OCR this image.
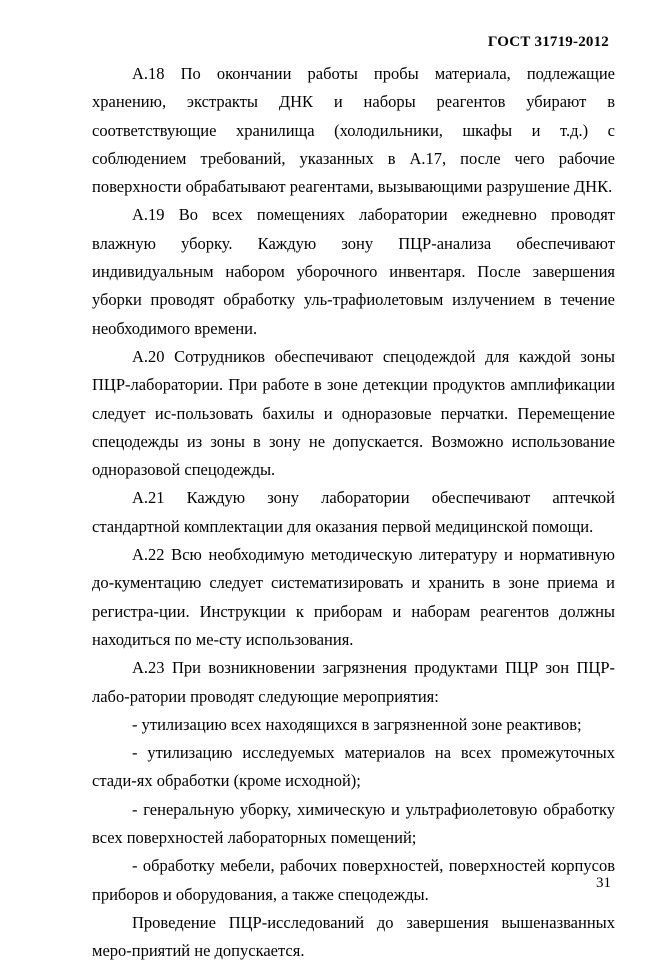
ГОСТ 31719-2012

А.18 По окончании работы пробы материала, подлежащие хранению, экстракты ДНК и наборы реагентов убирают в соответствующие хранилища (холодильники, шкафы и т.д.) с соблюдением требований, указанных в А.17, после чего рабочие поверхности обрабатывают реагентами, вызывающими разрушение ДНК.

А.19 Во всех помещениях лаборатории ежедневно проводят влажную уборку. Каждую зону ПЦР-анализа обеспечивают индивидуальным набором уборочного инвентаря. После завершения уборки проводят обработку уль-трафиолетовым излучением в течение необходимого времени.

А.20 Сотрудников обеспечивают спецодеждой для каждой зоны ПЦР-лаборатории. При работе в зоне детекции продуктов амплификации следует ис-пользовать бахилы и одноразовые перчатки. Перемещение спецодежды из зоны в зону не допускается. Возможно использование одноразовой спецодежды.

А.21 Каждую зону лаборатории обеспечивают аптечкой стандартной комплектации для оказания первой медицинской помощи.

А.22 Всю необходимую методическую литературу и нормативную до-кументацию следует систематизировать и хранить в зоне приема и регистра-ции. Инструкции к приборам и наборам реагентов должны находиться по ме-сту использования.

А.23 При возникновении загрязнения продуктами ПЦР зон ПЦР-лабо-ратории проводят следующие мероприятия:

- утилизацию всех находящихся в загрязненной зоне реактивов;

- утилизацию исследуемых материалов на всех промежуточных стади-ях обработки (кроме исходной);

- генеральную уборку, химическую и ультрафиолетовую обработку всех поверхностей лабораторных помещений;

- обработку мебели, рабочих поверхностей, поверхностей корпусов приборов и оборудования, а также спецодежды.

Проведение ПЦР-исследований до завершения вышеназванных меро-приятий не допускается.

31
